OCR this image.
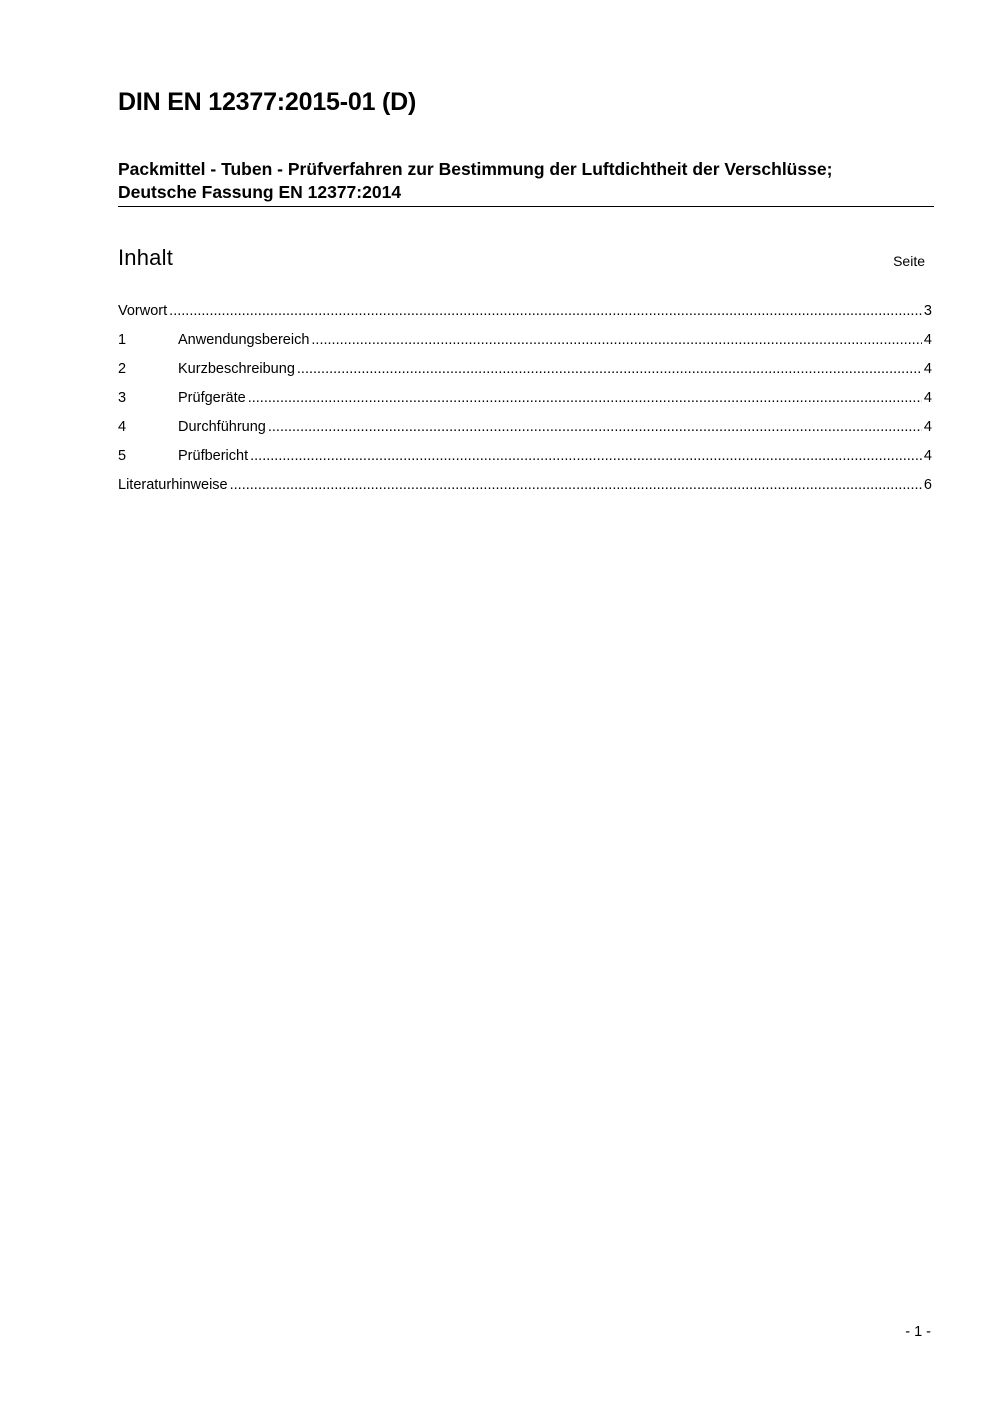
DIN EN 12377:2015-01 (D)
Packmittel - Tuben - Prüfverfahren zur Bestimmung der Luftdichtheit der Verschlüsse; Deutsche Fassung EN 12377:2014
Inhalt	Seite
Vorwort .....	3
1	Anwendungsbereich .....	4
2	Kurzbeschreibung .....	4
3	Prüfgeräte .....	4
4	Durchführung .....	4
5	Prüfbericht .....	4
Literaturhinweise .....	6
- 1 -
